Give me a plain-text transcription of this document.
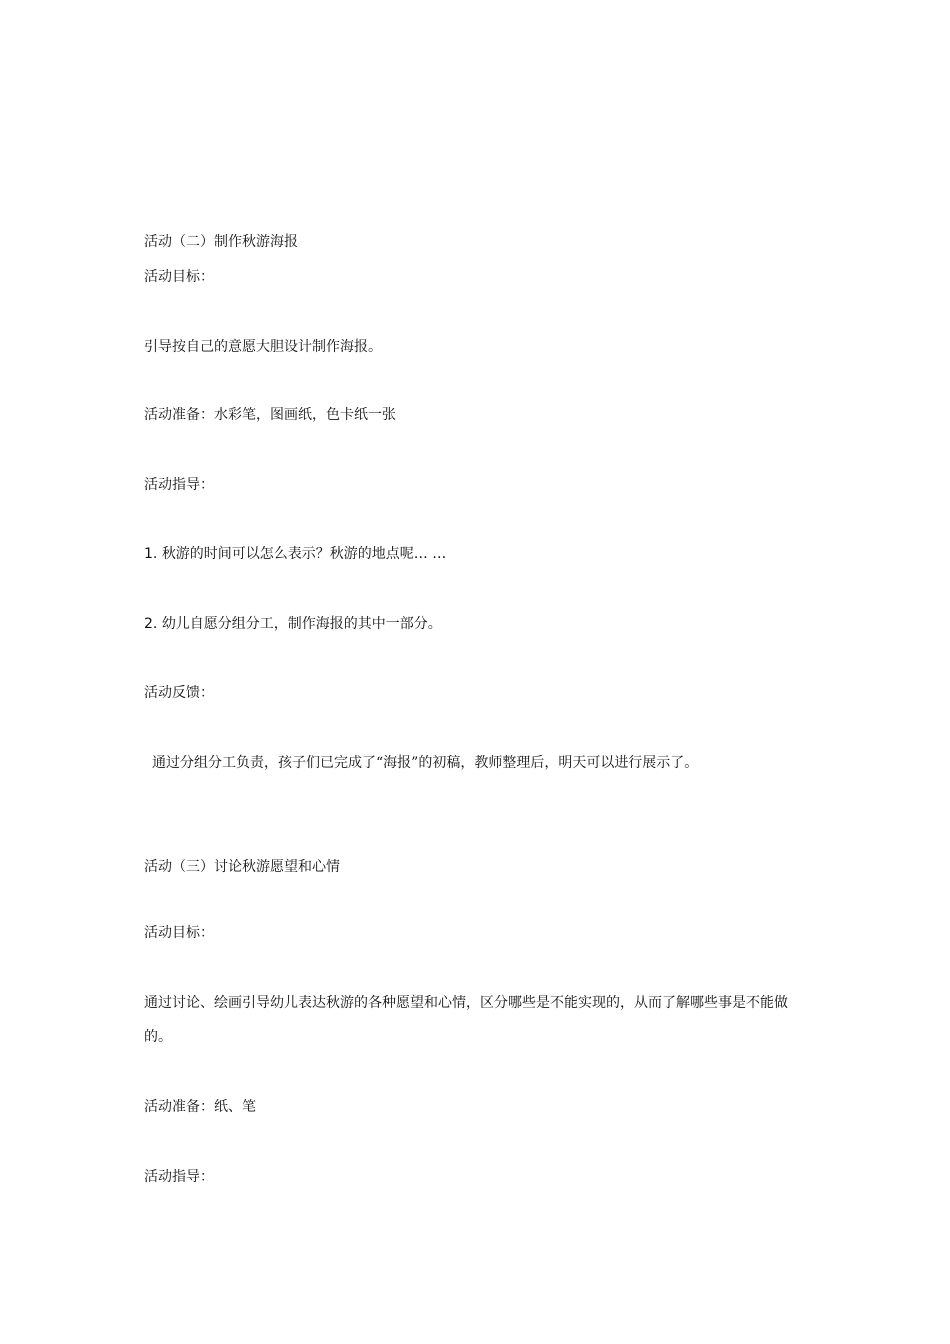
活动（二）制作秋游海报
活动目标：
引导按自己的意愿大胆设计制作海报。
活动准备：水彩笔，图画纸，色卡纸一张
活动指导：
1. 秋游的时间可以怎么表示？秋游的地点呢… …
2. 幼儿自愿分组分工，制作海报的其中一部分。
活动反馈：
通过分组分工负责，孩子们已完成了“海报”的初稿，教师整理后，明天可以进行展示了。
活动（三）讨论秋游愿望和心情
活动目标：
通过讨论、绘画引导幼儿表达秋游的各种愿望和心情，区分哪些是不能实现的，从而了解哪些事是不能做
的。
活动准备：纸、笔
活动指导：
